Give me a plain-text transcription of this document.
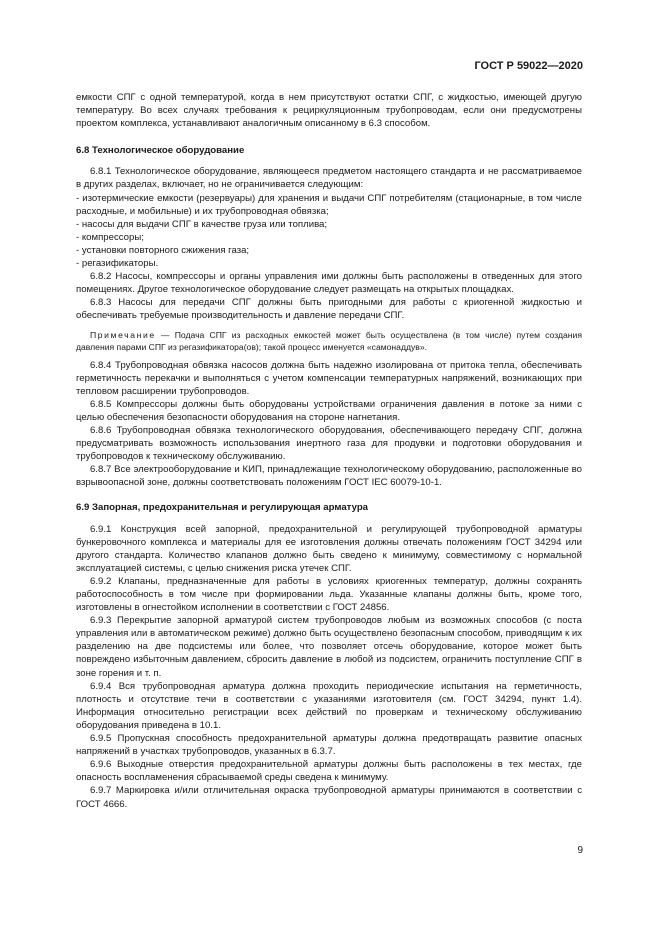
ГОСТ Р 59022—2020

емкости СПГ с одной температурой, когда в нем присутствуют остатки СПГ, с жидкостью, имеющей другую температуру. Во всех случаях требования к рециркуляционным трубопроводам, если они предусмотрены проектом комплекса, устанавливают аналогичным описанному в 6.3 способом.

6.8 Технологическое оборудование

6.8.1 Технологическое оборудование, являющееся предметом настоящего стандарта и не рассматриваемое в других разделах, включает, но не ограничивается следующим:

- изотермические емкости (резервуары) для хранения и выдачи СПГ потребителям (стационарные, в том числе расходные, и мобильные) и их трубопроводная обвязка;

- насосы для выдачи СПГ в качестве груза или топлива;

- компрессоры;

- установки повторного сжижения газа;

- регазификаторы.

6.8.2 Насосы, компрессоры и органы управления ими должны быть расположены в отведенных для этого помещениях. Другое технологическое оборудование следует размещать на открытых площадках.

6.8.3 Насосы для передачи СПГ должны быть пригодными для работы с криогенной жидкостью и обеспечивать требуемые производительность и давление передачи СПГ.

Примечание — Подача СПГ из расходных емкостей может быть осуществлена (в том числе) путем создания давления парами СПГ из регазификатора(ов); такой процесс именуется «самонаддув».

6.8.4 Трубопроводная обвязка насосов должна быть надежно изолирована от притока тепла, обеспечивать герметичность перекачки и выполняться с учетом компенсации температурных напряжений, возникающих при тепловом расширении трубопроводов.

6.8.5 Компрессоры должны быть оборудованы устройствами ограничения давления в потоке за ними с целью обеспечения безопасности оборудования на стороне нагнетания.

6.8.6 Трубопроводная обвязка технологического оборудования, обеспечивающего передачу СПГ, должна предусматривать возможность использования инертного газа для продувки и подготовки оборудования и трубопроводов к техническому обслуживанию.

6.8.7 Все электрооборудование и КИП, принадлежащие технологическому оборудованию, расположенные во взрывоопасной зоне, должны соответствовать положениям ГОСТ IEC 60079-10-1.

6.9 Запорная, предохранительная и регулирующая арматура

6.9.1 Конструкция всей запорной, предохранительной и регулирующей трубопроводной арматуры бункеровочного комплекса и материалы для ее изготовления должны отвечать положениям ГОСТ 34294 или другого стандарта. Количество клапанов должно быть сведено к минимуму, совместимому с нормальной эксплуатацией системы, с целью снижения риска утечек СПГ.

6.9.2 Клапаны, предназначенные для работы в условиях криогенных температур, должны сохранять работоспособность в том числе при формировании льда. Указанные клапаны должны быть, кроме того, изготовлены в огнестойком исполнении в соответствии с ГОСТ 24856.

6.9.3 Перекрытие запорной арматурой систем трубопроводов любым из возможных способов (с поста управления или в автоматическом режиме) должно быть осуществлено безопасным способом, приводящим к их разделению на две подсистемы или более, что позволяет отсечь оборудование, которое может быть повреждено избыточным давлением, сбросить давление в любой из подсистем, ограничить поступление СПГ в зоне горения и т. п.

6.9.4 Вся трубопроводная арматура должна проходить периодические испытания на герметичность, плотность и отсутствие течи в соответствии с указаниями изготовителя (см. ГОСТ 34294, пункт 1.4). Информация относительно регистрации всех действий по проверкам и техническому обслуживанию оборудования приведена в 10.1.

6.9.5 Пропускная способность предохранительной арматуры должна предотвращать развитие опасных напряжений в участках трубопроводов, указанных в 6.3.7.

6.9.6 Выходные отверстия предохранительной арматуры должны быть расположены в тех местах, где опасность воспламенения сбрасываемой среды сведена к минимуму.

6.9.7 Маркировка и/или отличительная окраска трубопроводной арматуры принимаются в соответствии с ГОСТ 4666.

9
